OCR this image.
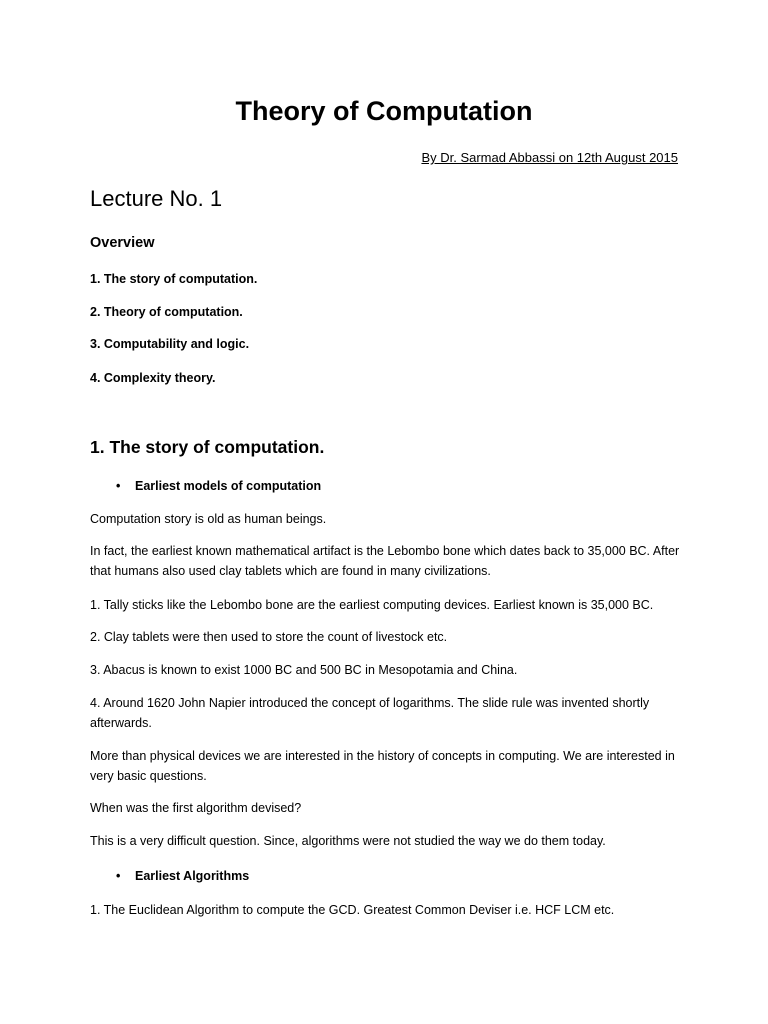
Theory of Computation
By Dr. Sarmad Abbassi on 12th August 2015
Lecture No. 1
Overview
1. The story of computation.
2. Theory of computation.
3. Computability and logic.
4. Complexity theory.
1. The story of computation.
• Earliest models of computation
Computation story is old as human beings.
In fact, the earliest known mathematical artifact is the Lebombo bone which dates back to 35,000 BC. After that humans also used clay tablets which are found in many civilizations.
1. Tally sticks like the Lebombo bone are the earliest computing devices. Earliest known is 35,000 BC.
2. Clay tablets were then used to store the count of livestock etc.
3. Abacus is known to exist 1000 BC and 500 BC in Mesopotamia and China.
4. Around 1620 John Napier introduced the concept of logarithms. The slide rule was invented shortly afterwards.
More than physical devices we are interested in the history of concepts in computing. We are interested in very basic questions.
When was the first algorithm devised?
This is a very difficult question. Since, algorithms were not studied the way we do them today.
• Earliest Algorithms
1. The Euclidean Algorithm to compute the GCD. Greatest Common Deviser i.e. HCF LCM etc.
